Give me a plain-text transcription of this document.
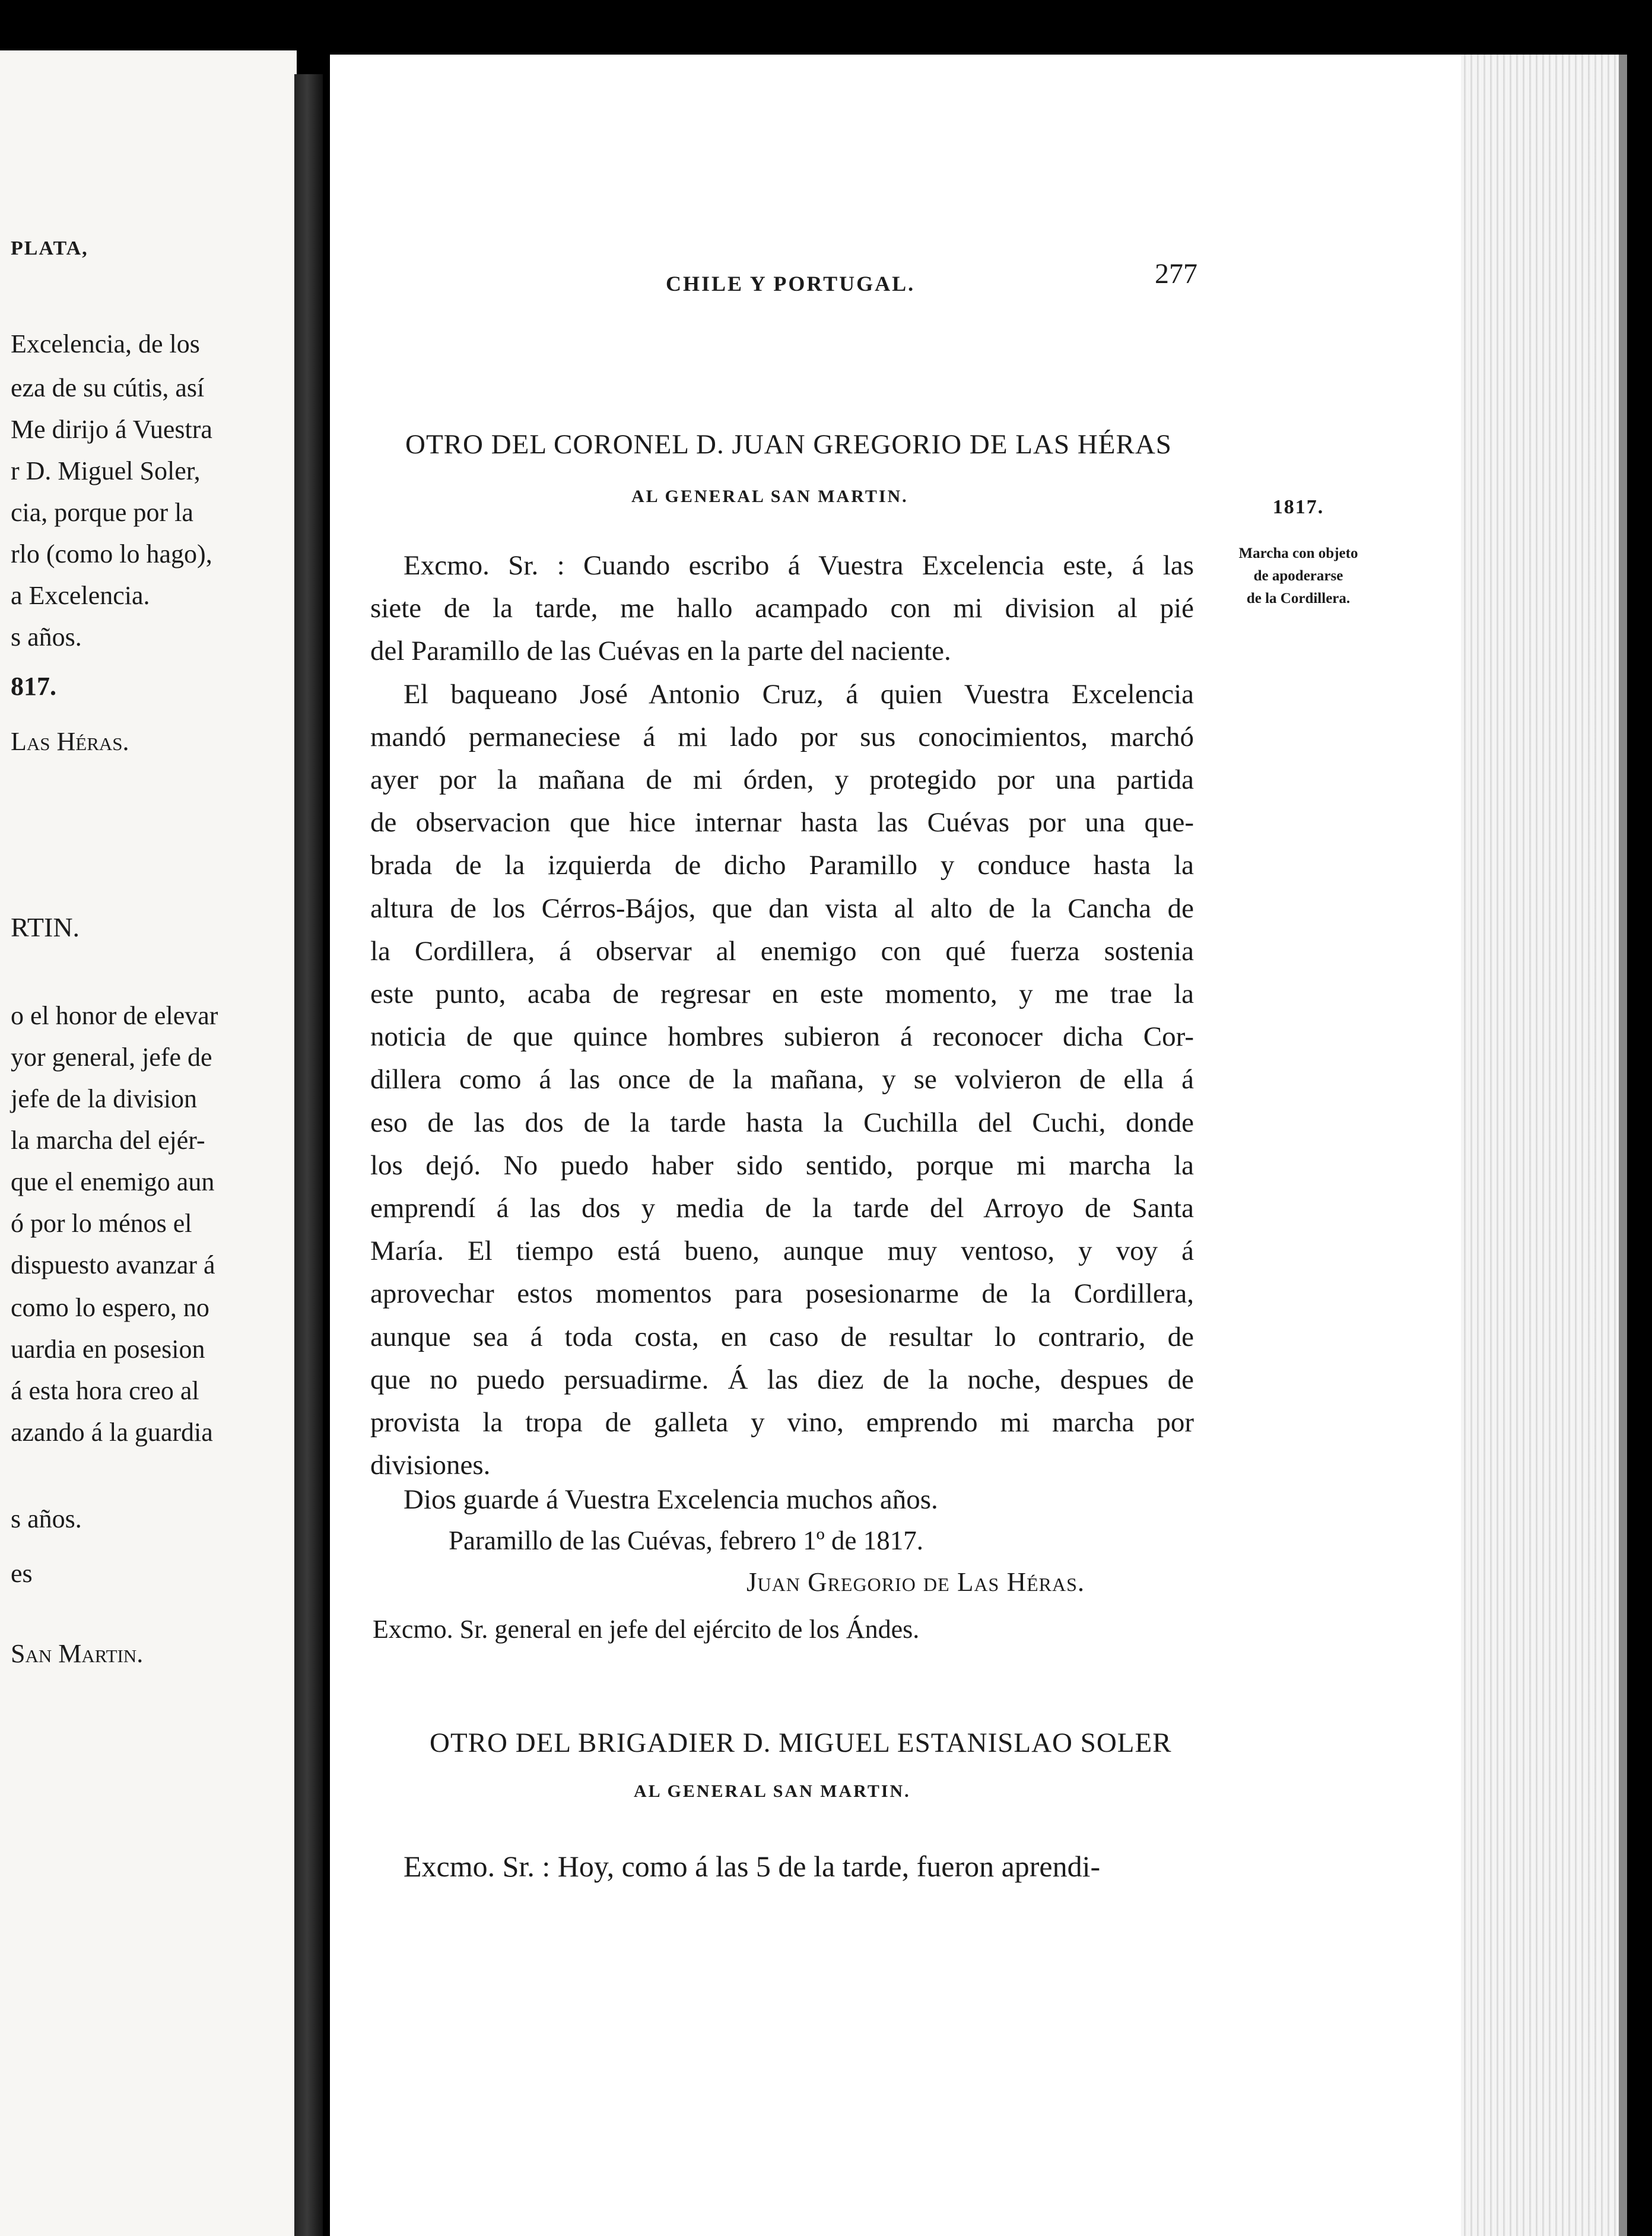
PLATA,
Excelencia, de los
eza de su cútis, así
Me dirijo á Vuestra
r D. Miguel Soler,
cia, porque por la
rlo (como lo hago),
a Excelencia.
s años.
817.
Las Héras.
RTIN.
o el honor de elevar
yor general, jefe de
jefe de la division
la marcha del ejér-
que el enemigo aun
ó por lo ménos el
dispuesto avanzar á
como lo espero, no
uardia en posesion
á esta hora creo al
azando á la guardia
s años.
es
San Martin.
CHILE Y PORTUGAL.	277
OTRO DEL CORONEL D. JUAN GREGORIO DE LAS HÉRAS
AL GENERAL SAN MARTIN.
Excmo. Sr. : Cuando escribo á Vuestra Excelencia este, á las
siete de la tarde, me hallo acampado con mi division al pié
del Paramillo de las Cuévas en la parte del naciente.
El baqueano José Antonio Cruz, á quien Vuestra Excelencia
mandó permaneciese á mi lado por sus conocimientos, marchó
ayer por la mañana de mi órden, y protegido por una partida
de observacion que hice internar hasta las Cuévas por una que-
brada de la izquierda de dicho Paramillo y conduce hasta la
altura de los Cérros-Bájos, que dan vista al alto de la Cancha de
la Cordillera, á observar al enemigo con qué fuerza sostenia
este punto, acaba de regresar en este momento, y me trae la
noticia de que quince hombres subieron á reconocer dicha Cor-
dillera como á las once de la mañana, y se volvieron de ella á
eso de las dos de la tarde hasta la Cuchilla del Cuchi, donde
los dejó. No puedo haber sido sentido, porque mi marcha la
emprendí á las dos y media de la tarde del Arroyo de Santa
María. El tiempo está bueno, aunque muy ventoso, y voy á
aprovechar estos momentos para posesionarme de la Cordillera,
aunque sea á toda costa, en caso de resultar lo contrario, de
que no puedo persuadirme. Á las diez de la noche, despues de
provista la tropa de galleta y vino, emprendo mi marcha por
divisiones.
Dios guarde á Vuestra Excelencia muchos años.
Paramillo de las Cuévas, febrero 1º de 1817.
Juan Gregorio de Las Héras.
Excmo. Sr. general en jefe del ejército de los Ándes.
OTRO DEL BRIGADIER D. MIGUEL ESTANISLAO SOLER
AL GENERAL SAN MARTIN.
Excmo. Sr. : Hoy, como á las 5 de la tarde, fueron aprendi-
1817.
Marcha con objeto
de apoderarse
de la Cordillera.
